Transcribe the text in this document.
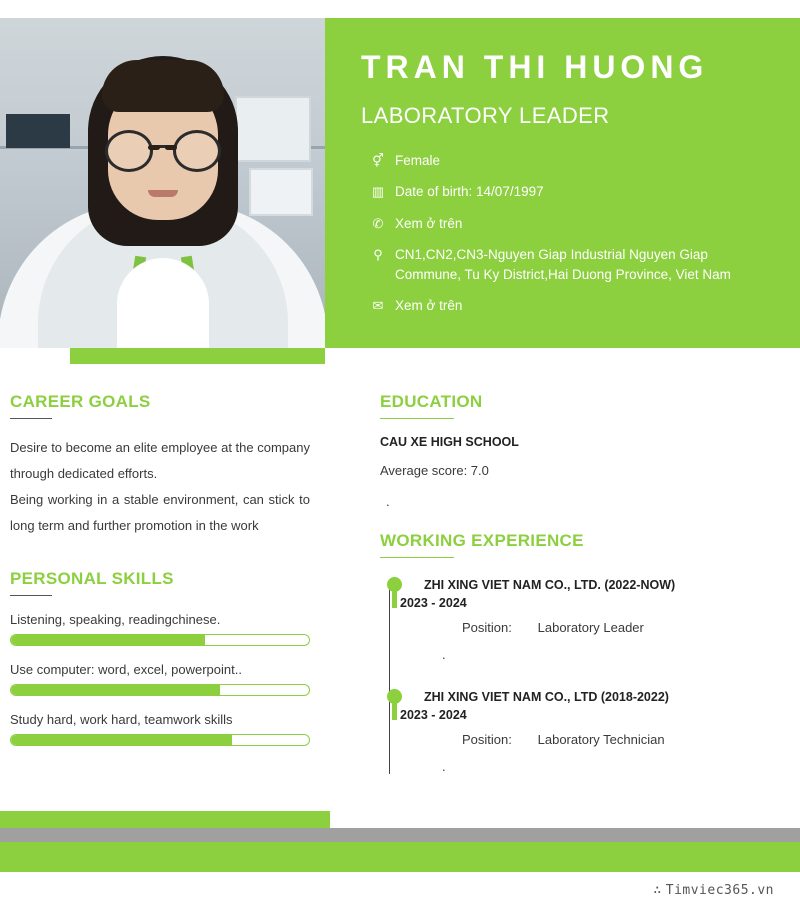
TRAN THI HUONG
LABORATORY LEADER
⚥ Female
▥ Date of birth: 14/07/1997
✆ Xem ở trên
⚲ CN1,CN2,CN3-Nguyen Giap Industrial Nguyen Giap Commune, Tu Ky District,Hai Duong Province, Viet Nam
✉ Xem ở trên
CAREER GOALS

Desire to become an elite employee at the company through dedicated efforts.

Being working in a stable environment, can stick to long term and further promotion in the work

PERSONAL SKILLS
Listening, speaking, readingchinese.
Use computer: word, excel, powerpoint..
Study hard, work hard, teamwork skills
EDUCATION
CAU XE HIGH SCHOOL
Average score: 7.0
.
WORKING EXPERIENCE
ZHI XING VIET NAM CO., LTD. (2022-NOW)
2023 - 2024
Position: Laboratory Leader
.
ZHI XING VIET NAM CO., LTD (2018-2022)
2023 - 2024
Position: Laboratory Technician
.
∴ Timviec365.vn
